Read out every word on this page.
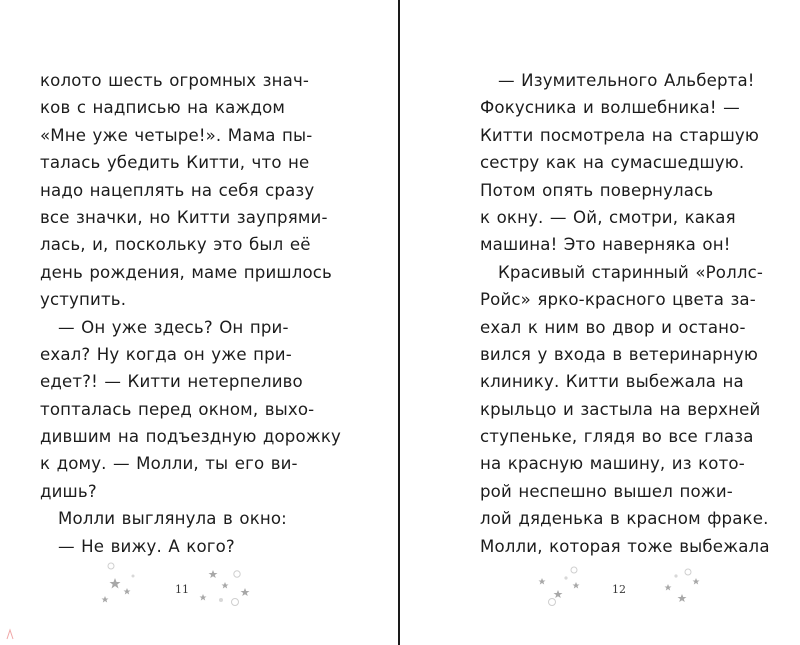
колото шесть огромных знач-
ков с надписью на каждом
«Мне уже четыре!». Мама пы-
талась убедить Китти, что не
надо нацеплять на себя сразу
все значки, но Китти заупрями-
лась, и, поскольку это был её
день рождения, маме пришлось
уступить.
— Он уже здесь? Он при-
ехал? Ну когда он уже при-
едет?! — Китти нетерпеливо
топталась перед окном, выхо-
дившим на подъездную дорожку
к дому. — Молли, ты его ви-
дишь?
Молли выглянула в окно:
— Не вижу. А кого?
11
— Изумительного Альберта!
Фокусника и волшебника! —
Китти посмотрела на старшую
сестру как на сумасшедшую.
Потом опять повернулась
к окну. — Ой, смотри, какая
машина! Это наверняка он!
Красивый старинный «Роллс-
Ройс» ярко-красного цвета за-
ехал к ним во двор и остано-
вился у входа в ветеринарную
клинику. Китти выбежала на
крыльцо и застыла на верхней
ступеньке, глядя во все глаза
на красную машину, из кото-
рой неспешно вышел пожи-
лой дяденька в красном фраке.
Молли, которая тоже выбежала
12
